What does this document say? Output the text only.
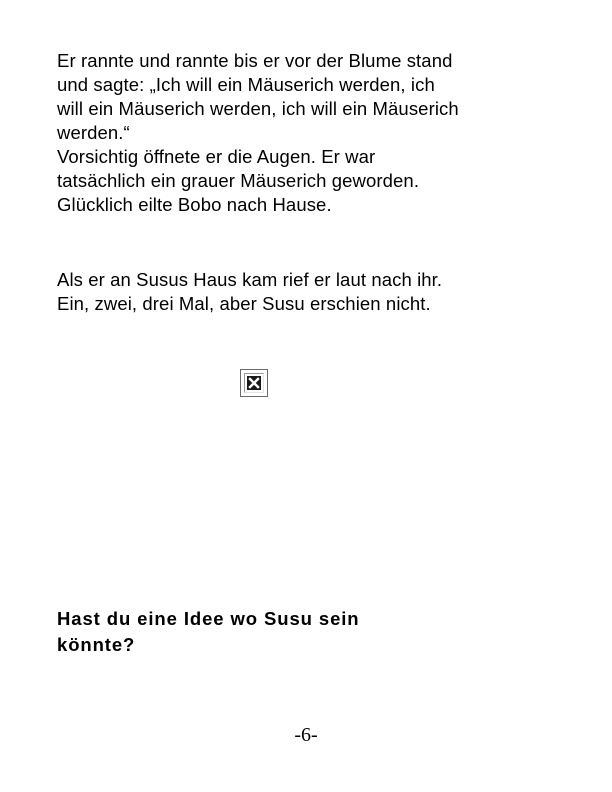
Er rannte und rannte bis er vor der Blume stand
und sagte: „Ich will ein Mäuserich werden, ich
will ein Mäuserich werden, ich will ein Mäuserich
werden.“
Vorsichtig öffnete er die Augen. Er war
tatsächlich ein grauer Mäuserich geworden.
Glücklich eilte Bobo nach Hause.
Als er an Susus Haus kam rief er laut nach ihr.
Ein, zwei, drei Mal, aber Susu erschien nicht.
Hast du eine Idee wo Susu sein
könnte?
-6-
